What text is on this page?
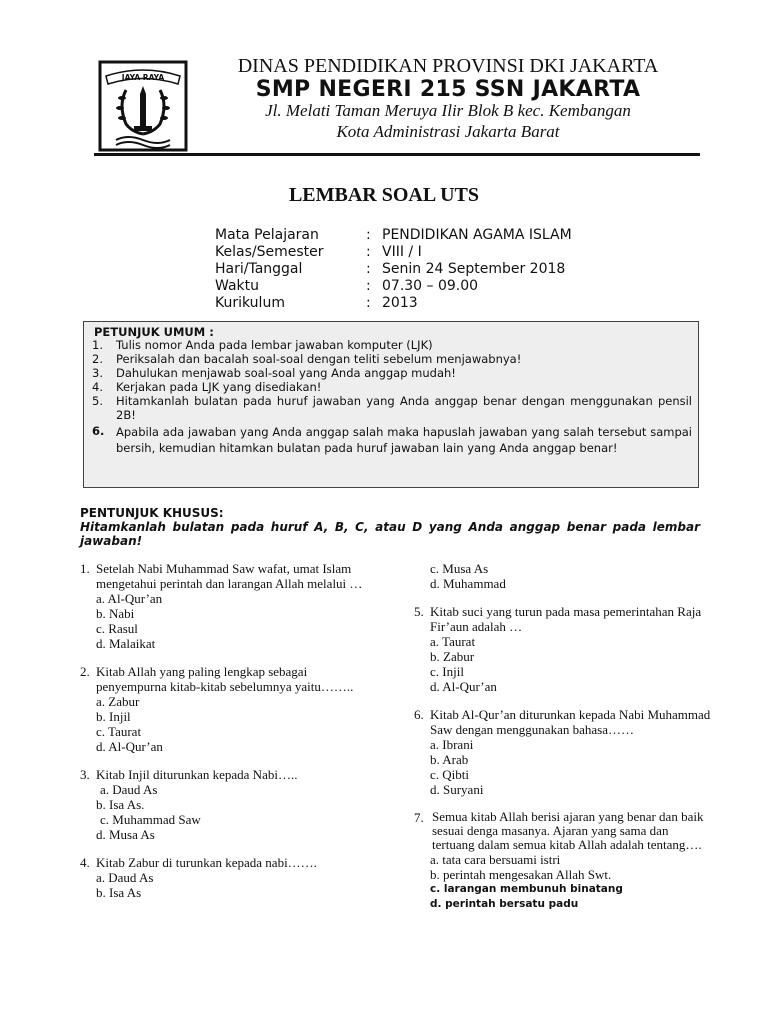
JAYA RAYA
DINAS PENDIDIKAN PROVINSI DKI JAKARTA
SMP NEGERI 215 SSN JAKARTA
Jl. Melati Taman Meruya Ilir Blok B kec. Kembangan
Kota Administrasi Jakarta Barat
LEMBAR SOAL UTS
Mata Pelajaran	: PENDIDIKAN AGAMA ISLAM
Kelas/Semester	: VIII / I
Hari/Tanggal	: Senin 24 September 2018
Waktu	: 07.30 – 09.00
Kurikulum	: 2013
PETUNJUK UMUM :
1.	Tulis nomor Anda pada lembar jawaban komputer (LJK)
2.	Periksalah dan bacalah soal-soal dengan teliti sebelum menjawabnya!
3.	Dahulukan menjawab soal-soal yang Anda anggap mudah!
4.	Kerjakan pada LJK yang disediakan!
5.	Hitamkanlah bulatan pada huruf jawaban yang Anda anggap benar dengan menggunakan pensil 2B!
6.	Apabila ada jawaban yang Anda anggap salah maka hapuslah jawaban yang salah tersebut sampai bersih, kemudian hitamkan bulatan pada huruf jawaban lain yang Anda anggap benar!
PENTUNJUK KHUSUS:
Hitamkanlah bulatan pada huruf A, B, C, atau D yang Anda anggap benar pada lembar jawaban!
1. Setelah Nabi Muhammad Saw wafat, umat Islam mengetahui perintah dan larangan Allah melalui …
a. Al-Qur’an
b. Nabi
c. Rasul
d. Malaikat
2. Kitab Allah yang paling lengkap sebagai penyempurna kitab-kitab sebelumnya yaitu……..
a. Zabur
b. Injil
c. Taurat
d. Al-Qur’an
3. Kitab Injil diturunkan kepada Nabi…..
a. Daud As
b. Isa As.
c. Muhammad Saw
d. Musa As
4. Kitab Zabur di turunkan kepada nabi…….
a. Daud As
b. Isa As
c. Musa As
d. Muhammad
5. Kitab suci yang turun pada masa pemerintahan Raja Fir’aun adalah …
a. Taurat
b. Zabur
c. Injil
d. Al-Qur’an
6. Kitab Al-Qur’an diturunkan kepada Nabi Muhammad Saw dengan menggunakan bahasa……
a. Ibrani
b. Arab
c. Qibti
d. Suryani
7. Semua kitab Allah berisi ajaran yang benar dan baik sesuai denga masanya. Ajaran yang sama dan tertuang dalam semua kitab Allah adalah tentang….
a. tata cara bersuami istri
b. perintah mengesakan Allah Swt.
c. larangan membunuh binatang
d. perintah bersatu padu
